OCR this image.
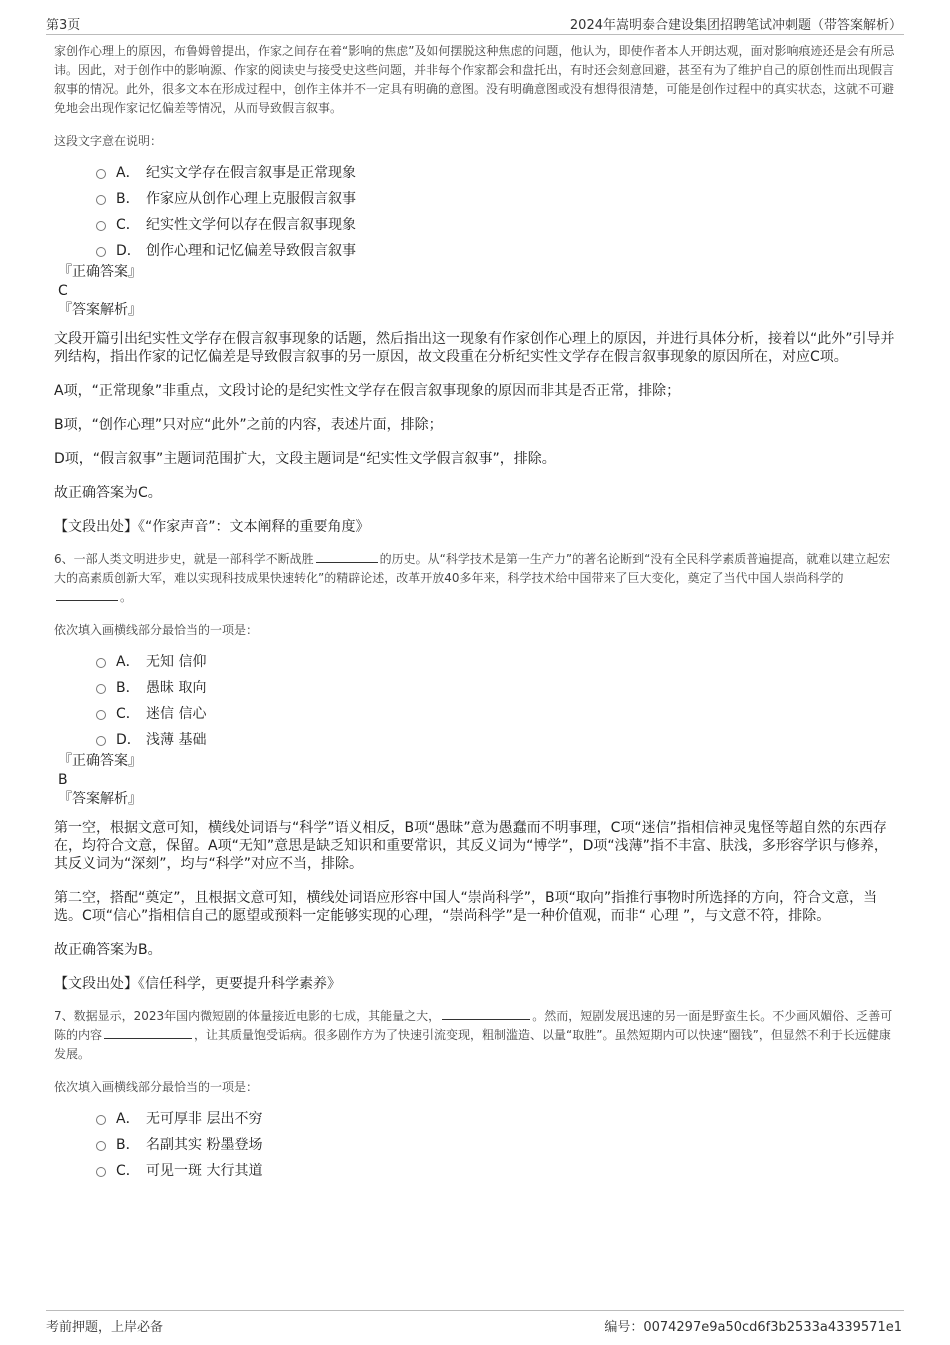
第3页	2024年嵩明泰合建设集团招聘笔试冲刺题（带答案解析）

家创作心理上的原因，布鲁姆曾提出，作家之间存在着“影响的焦虑”及如何摆脱这种焦虑的问题，他认为，即使作者本人开朗达观，面对影响痕迹还是会有所忌讳。因此，对于创作中的影响源、作家的阅读史与接受史这些问题，并非每个作家都会和盘托出，有时还会刻意回避，甚至有为了维护自己的原创性而出现假言叙事的情况。此外，很多文本在形成过程中，创作主体并不一定具有明确的意图。没有明确意图或没有想得很清楚，可能是创作过程中的真实状态，这就不可避免地会出现作家记忆偏差等情况，从而导致假言叙事。

这段文字意在说明：

A． 纪实文学存在假言叙事是正常现象
B． 作家应从创作心理上克服假言叙事
C． 纪实性文学何以存在假言叙事现象
D． 创作心理和记忆偏差导致假言叙事

『正确答案』

C

『答案解析』

文段开篇引出纪实性文学存在假言叙事现象的话题，然后指出这一现象有作家创作心理上的原因，并进行具体分析，接着以“此外”引导并列结构，指出作家的记忆偏差是导致假言叙事的另一原因，故文段重在分析纪实性文学存在假言叙事现象的原因所在，对应C项。

A项，“正常现象”非重点，文段讨论的是纪实性文学存在假言叙事现象的原因而非其是否正常，排除；

B项，“创作心理”只对应“此外”之前的内容，表述片面，排除；

D项，“假言叙事”主题词范围扩大，文段主题词是“纪实性文学假言叙事”，排除。

故正确答案为C。

【文段出处】《“作家声音”：文本阐释的重要角度》

6、一部人类文明进步史，就是一部科学不断战胜	的历史。从“科学技术是第一生产力”的著名论断到“没有全民科学素质普遍提高，就难以建立起宏大的高素质创新大军，难以实现科技成果快速转化”的精辟论述，改革开放40多年来，科学技术给中国带来了巨大变化，奠定了当代中国人崇尚科学的。

依次填入画横线部分最恰当的一项是：

A． 无知 信仰
B． 愚昧 取向
C． 迷信 信心
D． 浅薄 基础

『正确答案』

B

『答案解析』

第一空，根据文意可知，横线处词语与“科学”语义相反，B项“愚昧”意为愚蠢而不明事理，C项“迷信”指相信神灵鬼怪等超自然的东西存在，均符合文意，保留。A项“无知”意思是缺乏知识和重要常识，其反义词为“博学”，D项“浅薄”指不丰富、肤浅，多形容学识与修养，其反义词为“深刻”，均与“科学”对应不当，排除。

第二空，搭配“奠定”，且根据文意可知，横线处词语应形容中国人“崇尚科学”，B项“取向”指推行事物时所选择的方向，符合文意，当选。C项“信心”指相信自己的愿望或预料一定能够实现的心理，“崇尚科学”是一种价值观，而非“ 心理 ”，与文意不符，排除。

故正确答案为B。

【文段出处】《信任科学，更要提升科学素养》

7、数据显示，2023年国内微短剧的体量接近电影的七成，其能量之大，	。然而，短剧发展迅速的另一面是野蛮生长。不少画风媚俗、乏善可陈的内容	，让其质量饱受诟病。很多剧作方为了快速引流变现，粗制滥造、以量“取胜”。虽然短期内可以快速“圈钱”，但显然不利于长远健康发展。

依次填入画横线部分最恰当的一项是：

A． 无可厚非 层出不穷
B． 名副其实 粉墨登场
C． 可见一斑 大行其道
考前押题，上岸必备	编号：0074297e9a50cd6f3b2533a4339571e1
